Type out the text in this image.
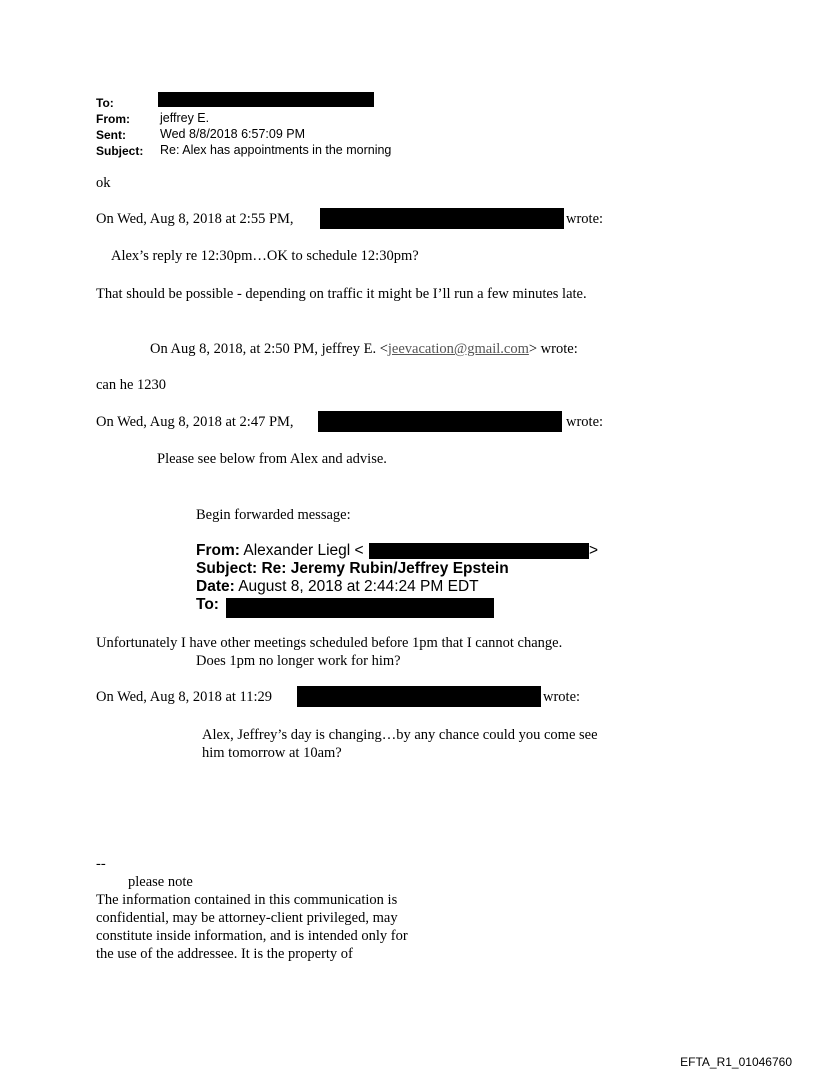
To:
From: jeffrey E.
Sent:	Wed 8/8/2018 6:57:09 PM
Subject: Re: Alex has appointments in the morning
ok
On Wed, Aug 8, 2018 at 2:55 PM,	wrote:
Alex’s reply re 12:30pm…OK to schedule 12:30pm?
That should be possible - depending on traffic it might be I’ll run a few minutes late.
On Aug 8, 2018, at 2:50 PM, jeffrey E. <jeevacation@gmail.com> wrote:
can he 1230
On Wed, Aug 8, 2018 at 2:47 PM,	wrote:
Please see below from Alex and advise.
Begin forwarded message:
From: Alexander Liegl <	>
Subject: Re: Jeremy Rubin/Jeffrey Epstein
Date: August 8, 2018 at 2:44:24 PM EDT
To:
Unfortunately I have other meetings scheduled before 1pm that I cannot change.
Does 1pm no longer work for him?
On Wed, Aug 8, 2018 at 11:29	wrote:
Alex, Jeffrey’s day is changing…by any chance could you come see
him tomorrow at 10am?
--
please note
The information contained in this communication is
confidential, may be attorney-client privileged, may
constitute inside information, and is intended only for
the use of the addressee. It is the property of
EFTA_R1_01046760
